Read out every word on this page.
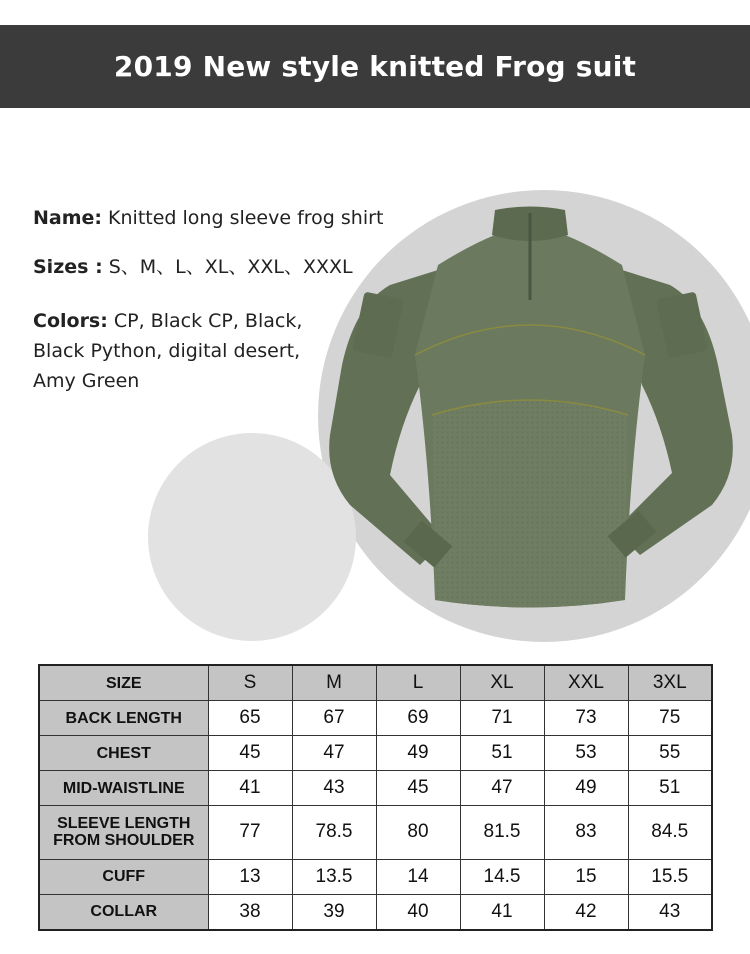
2019 New style knitted Frog suit
Name: Knitted long sleeve frog shirt
Sizes : S、M、L、XL、XXL、XXXL
Colors: CP, Black CP, Black, Black Python, digital desert, Amy Green
SIZE	S	M	L	XL	XXL	3XL
BACK LENGTH	65	67	69	71	73	75
CHEST	45	47	49	51	53	55
MID-WAISTLINE	41	43	45	47	49	51

SLEEVE LENGTH
FROM SHOULDER	77	78.5	80	81.5	83	84.5
CUFF	13	13.5	14	14.5	15	15.5
COLLAR	38	39	40	41	42	43
